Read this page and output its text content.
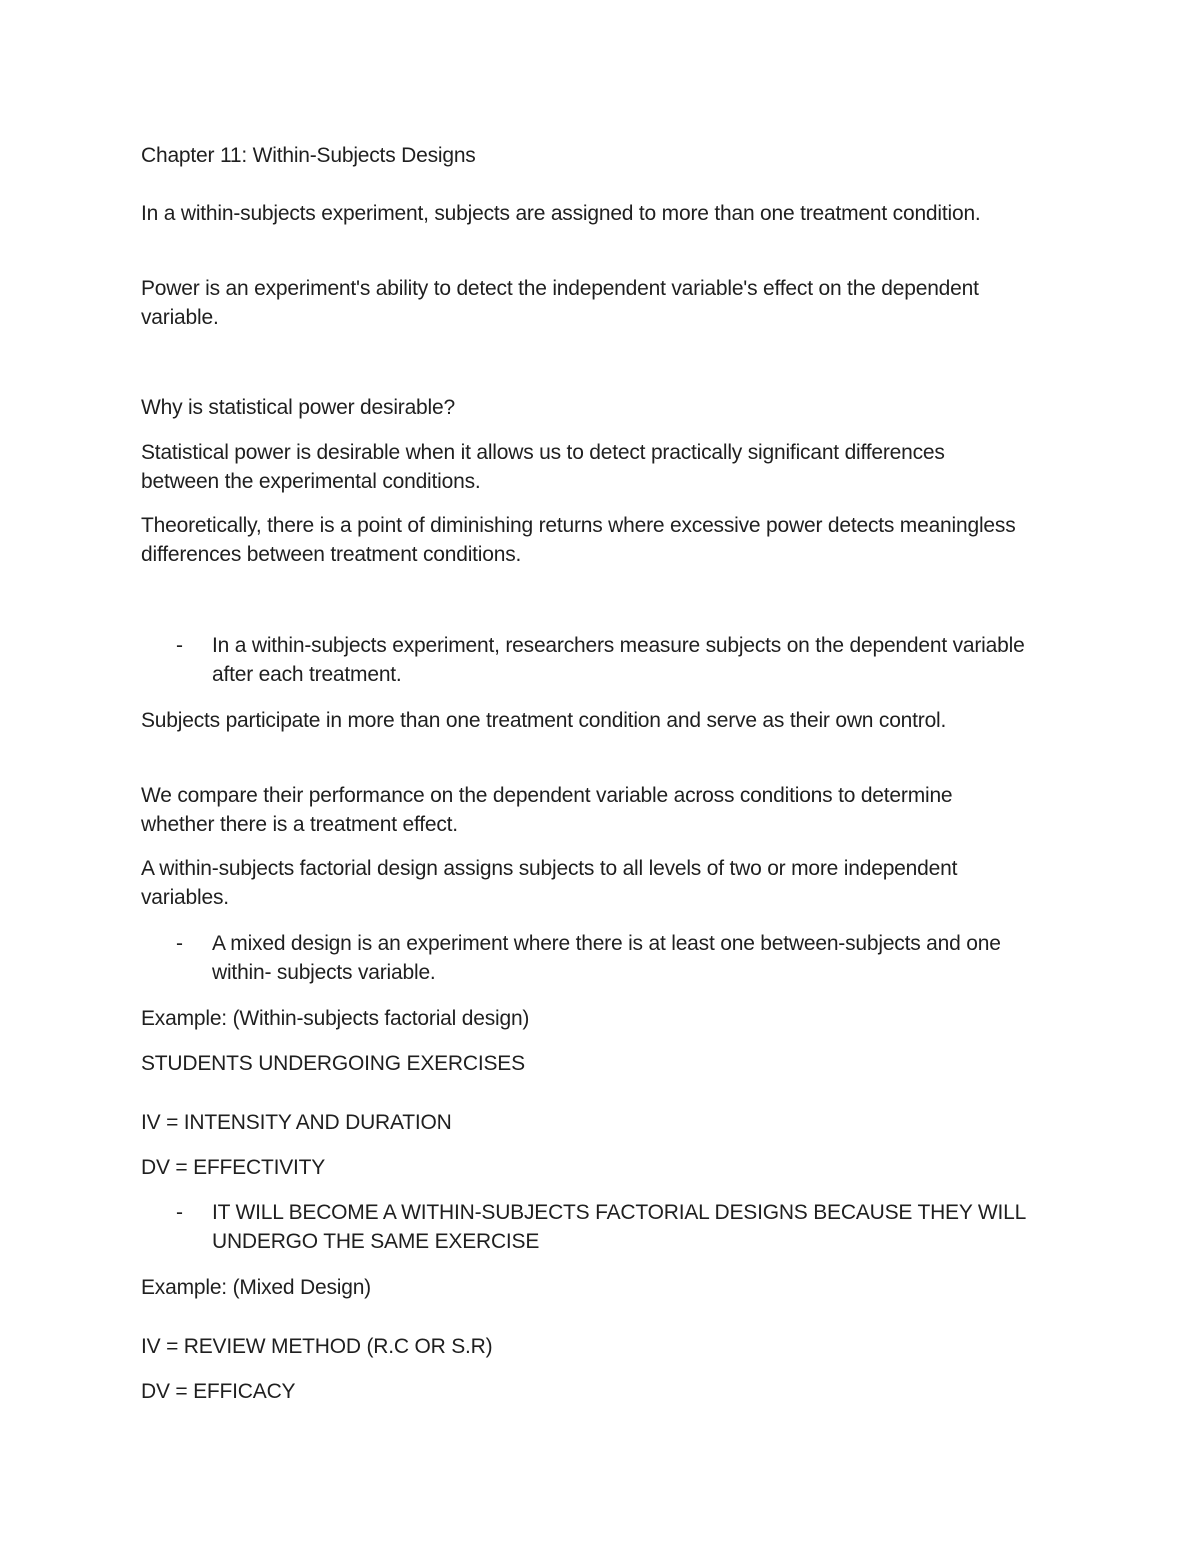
Chapter 11: Within-Subjects Designs
In a within-subjects experiment, subjects are assigned to more than one treatment condition.
Power is an experiment's ability to detect the independent variable's effect on the dependent variable.
Why is statistical power desirable?
Statistical power is desirable when it allows us to detect practically significant differences between the experimental conditions.
Theoretically, there is a point of diminishing returns where excessive power detects meaningless differences between treatment conditions.
- In a within-subjects experiment, researchers measure subjects on the dependent variable after each treatment.
Subjects participate in more than one treatment condition and serve as their own control.
We compare their performance on the dependent variable across conditions to determine whether there is a treatment effect.
A within-subjects factorial design assigns subjects to all levels of two or more independent variables.
- A mixed design is an experiment where there is at least one between-subjects and one within- subjects variable.
Example: (Within-subjects factorial design)
STUDENTS UNDERGOING EXERCISES
IV = INTENSITY AND DURATION
DV = EFFECTIVITY
- IT WILL BECOME A WITHIN-SUBJECTS FACTORIAL DESIGNS BECAUSE THEY WILL UNDERGO THE SAME EXERCISE
Example: (Mixed Design)
IV = REVIEW METHOD (R.C OR S.R)
DV = EFFICACY
